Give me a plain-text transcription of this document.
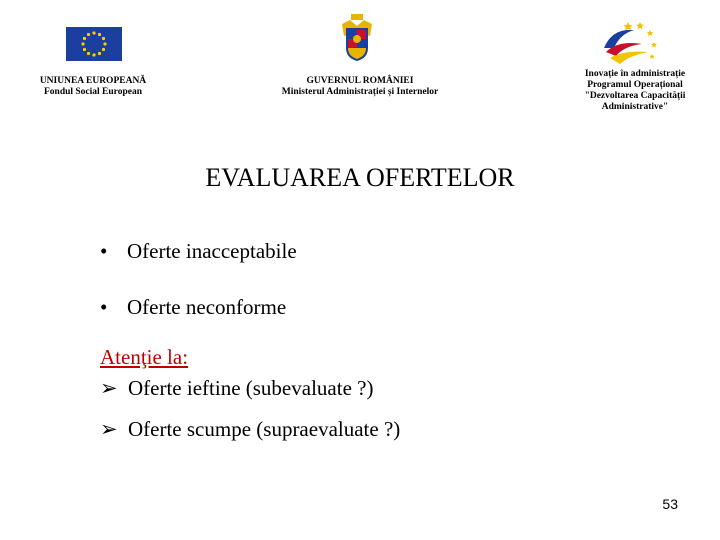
UNIUNEA EUROPEANĂ
Fondul Social European
GUVERNUL ROMÂNIEI
Ministerul Administrației și Internelor
Inovație în administrație
Programul Operațional
"Dezvoltarea Capacității
Administrative"
EVALUAREA OFERTELOR
• Oferte inacceptabile
• Oferte neconforme
Atenţie la:
➢ Oferte ieftine (subevaluate ?)
➢ Oferte scumpe (supraevaluate ?)
53
